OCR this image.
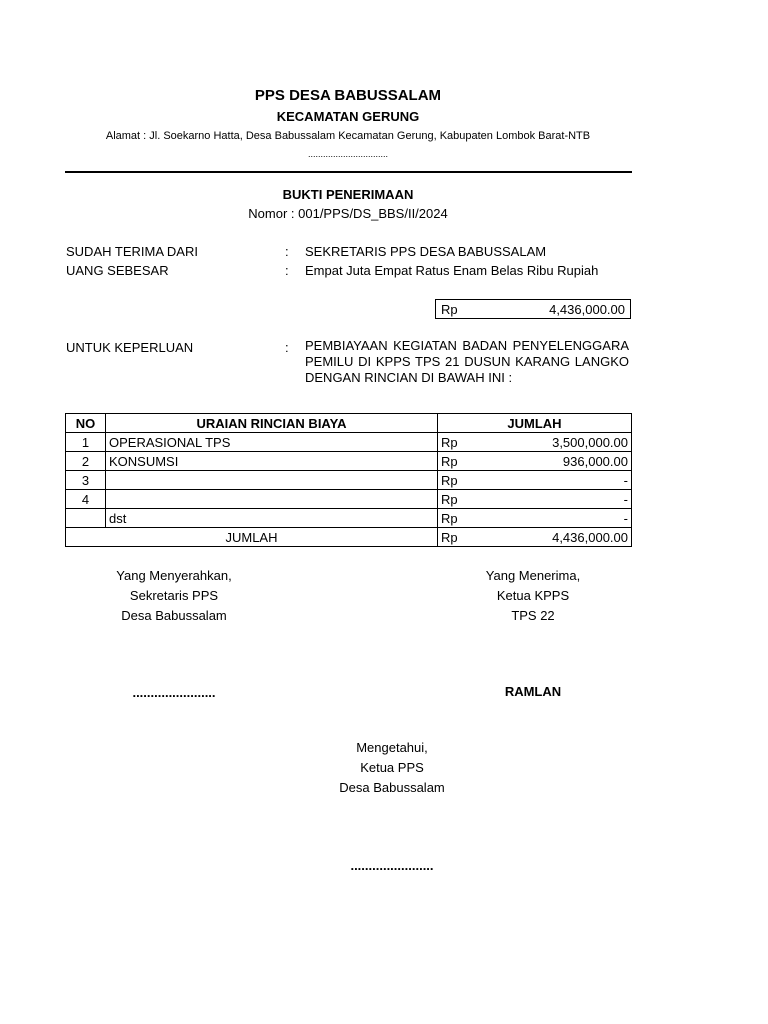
PPS DESA BABUSSALAM
KECAMATAN GERUNG
Alamat : Jl. Soekarno Hatta, Desa Babussalam Kecamatan Gerung, Kabupaten Lombok Barat-NTB
................................
BUKTI PENERIMAAN
Nomor : 001/PPS/DS_BBS/II/2024
SUDAH TERIMA DARI	: SEKRETARIS PPS DESA BABUSSALAM
UANG SEBESAR	: Empat Juta Empat Ratus Enam Belas Ribu Rupiah
Rp	4,436,000.00
UNTUK KEPERLUAN	: PEMBIAYAAN KEGIATAN BADAN PENYELENGGARA PEMILU DI KPPS TPS 21 DUSUN KARANG LANGKO DENGAN RINCIAN DI BAWAH INI :
NO	URAIAN RINCIAN BIAYA	JUMLAH	
1	OPERASIONAL TPS	Rp	3,500,000.00
2	KONSUMSI	Rp	936,000.00
3		Rp	-
4		Rp	-
	dst	Rp	-
JUMLAH		Rp	4,436,000.00
Yang Menyerahkan,
Sekretaris PPS
Desa Babussalam
.......................
Yang Menerima,
Ketua KPPS
TPS 22
RAMLAN
Mengetahui,
Ketua PPS
Desa Babussalam
.......................
